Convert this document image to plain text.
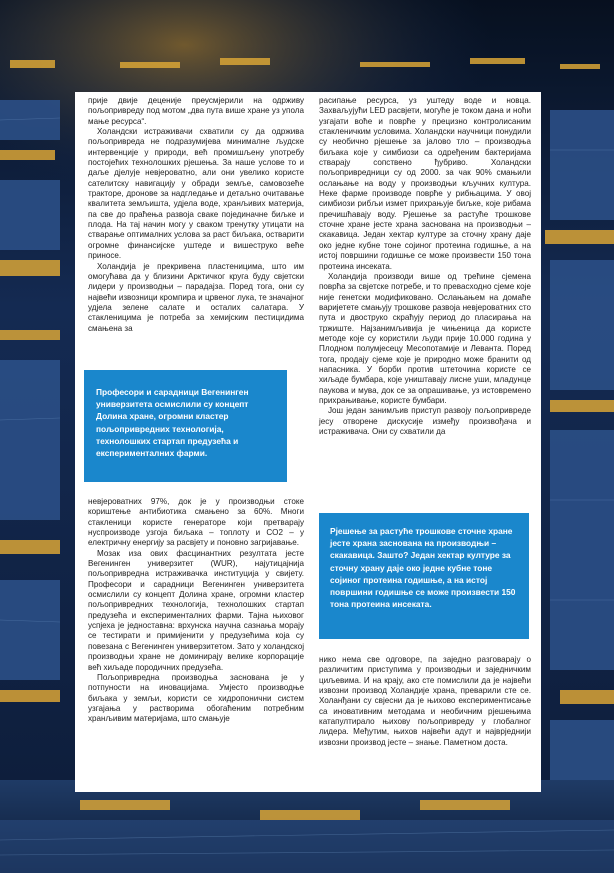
прије двије деценије преусмјерили на одрживу пољопривреду под мотом „два пута више хране уз упола мање ресурса“.

Холандски истраживачи схватили су да одржива пољопривреда не подразумијева минималне људске интервенције у природи, већ промишљену употребу постојећих технолошких рјешења. За наше услове то и даље дјелује невјероватно, али они увелико користе сателитску навигацију у обради земље, самовозеће тракторе, дронове за надгледање и детаљно очитавање квалитета земљишта, удјела воде, хранљивих материја, па све до праћења развоја сваке појединачне биљке и плода. На тај начин могу у сваком тренутку утицати на стварање оптималних услова за раст биљака, остварити огромне финансијске уштеде и вишеструко веће приносе.

Холандија је прекривена пластеницима, што им омогућава да у близини Арктичког круга буду свјетски лидери у производњи – парадајза. Поред тога, они су највећи извозници кромпира и црвеног лука, те значајног удјела зелене салате и осталих салатара. У стакленицима је потреба за хемијским пестицидима смањена за

Професори и сарадници Вегенинген универзитета осмислили су концепт Долина хране, огромни кластер пољопривредних технологија, технолошких стартап предузећа и експерименталних фарми.

невјероватних 97%, док је у производњи стоке кориштење антибиотика смањено за 60%. Многи стакленици користе генераторе који претварају нуспроизводе узгоја биљака – топлоту и CO2 – у електричну енергију за расвјету и поновно загријавање.

Мозак иза ових фасцинантних резултата јесте Вегенинген универзитет (WUR), најутицајнија пољопривредна истраживачка институција у свијету. Професори и сарадници Вегенинген универзитета осмислили су концепт Долина хране, огромни кластер пољопривредних технологија, технолошких стартап предузећа и експерименталних фарми. Тајна њиховог успјеха је једноставна: врхунска научна сазнања морају се тестирати и примијенити у предузећима која су повезана с Вегенинген универзитетом. Зато у холандској производњи хране не доминирају велике корпорације већ хиљаде породичних предузећа.

Пољопривредна производња заснована је у потпуности на иновацијама. Умјесто производње биљака у земљи, користи се хидропонични систем узгајања у растворима обогаћеним потребним хранљивим материјама, што смањује

расипање ресурса, уз уштеду воде и новца. Захваљујући LED расвјети, могуће је током дана и ноћи узгајати воће и поврће у прецизно контролисаним стакленичким условима. Холандски научници понудили су необично рјешење за јалово тло – производња биљака које у симбиози са одређеним бактеријама стварају сопствено ђубриво. Холандски пољопривредници су од 2000. за чак 90% смањили ослањање на воду у производњи кључних култура. Неке фарме производе поврће у рибњацима. У овој симбиози рибљи измет прихрањује биљке, које рибама пречишћавају воду. Рјешење за растуће трошкове сточне хране јесте храна заснована на производњи – скакавица. Један хектар културе за сточну храну даје око једне кубне тоне сојиног протеина годишње, а на истој површини годишње се може произвести 150 тона протеина инсеката.

Холандија производи више од трећине сјемена поврћа за свјетске потребе, и то превасходно сјеме које није генетски модификовано. Ослањањем на домаће варијетете смањују трошкове развоја невјероватних сто пута и двоструко скраћују период до пласирања на тржиште. Најзанимљивија је чињеница да користе методе које су користили људи прије 10.000 година у Плодном полумјесецу Месопотамије и Леванта. Поред тога, продају сјеме које је природно може бранити од напасника. У борби против штеточина користе се хиљаде бумбара, које уништавају лисне уши, младунце паукова и мува, док се за опрашивање, уз истовремено прихрањивање, користе бумбари.

Још један занимљив приступ развоју пољопривреде јесу отворене дискусије између произвођача и истраживача. Они су схватили да

Рјешење за растуће трошкове сточне хране јесте храна заснована на производњи – скакавица. Зашто? Један хектар културе за сточну храну даје око једне кубне тоне сојиног протеина годишње, а на истој површини годишње се може произвести 150 тона протеина инсеката.

нико нема све одговоре, па заједно разговарају о различитим приступима у производњи и заједничким циљевима. И на крају, ако сте помислили да је највећи извозни производ Холандије храна, преварили сте се. Холанђани су свјесни да је њихово експериментисање са иновативним методама и необичним рјешењима катапултирало њихову пољопривреду у глобалног лидера. Међутим, њихов највећи адут и најврједнији извозни производ јесте – знање. Паметном доста.
